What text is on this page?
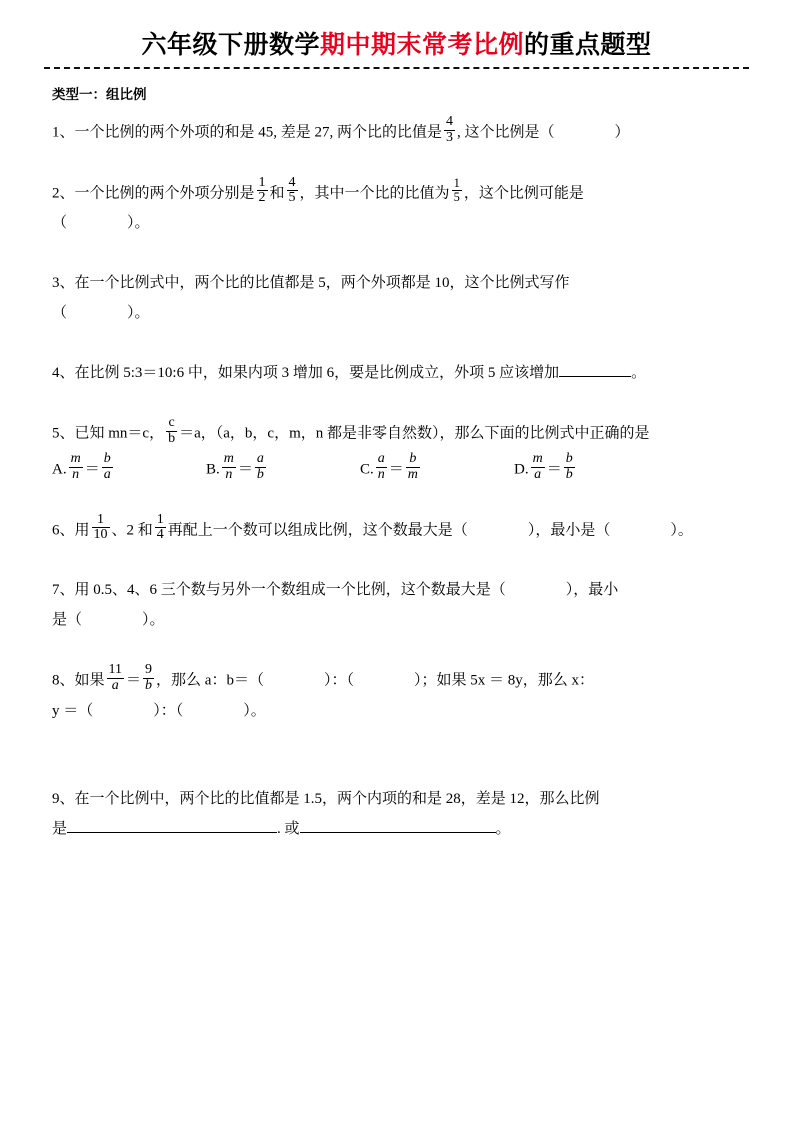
六年级下册数学期中期末常考比例的重点题型
类型一：组比例
1、一个比例的两个外项的和是 45, 差是 27, 两个比的比值是 $\frac{4}{3}$ , 这个比例是（	）
2、一个比例的两个外项分别是 $\frac{1}{2}$ 和 $\frac{4}{5}$ ，其中一个比的比值为 $\frac{1}{5}$ ，这个比例可能是
（	）。
3、在一个比例式中，两个比的比值都是 5，两个外项都是 10，这个比例式写作
（	）。
4、在比例 5:3＝10:6 中，如果内项 3 增加 6，要是比例成立，外项 5 应该增加	。
5、已知 mn＝c， $\frac{c}{b} =a$，（a，b，c，m，n 都是非零自然数），那么下面的比例式中正确的是
A. $\frac{m}{n} = \frac{b}{a}$	B. $\frac{m}{n} = \frac{a}{b}$	C. $\frac{a}{n} = \frac{b}{m}$	D. $\frac{m}{a} = \frac{b}{b}$
6、用 $\frac{1}{10}$ 、2 和 $\frac{1}{4}$ 再配上一个数可以组成比例，这个数最大是（	），最小是（	）。
7、用 0.5、4、6 三个数与另外一个数组成一个比例，这个数最大是（	），最小
是（	）。
8、如果 $\frac{11}{a} = \frac{9}{b}$ ，那么 a：b＝（	）：（	）；如果 5x ＝ 8y，那么 x：
y ＝（	）：（	）。
9、在一个比例中，两个比的比值都是 1.5，两个内项的和是 28，差是 12，那么比例
是	. 或	。
